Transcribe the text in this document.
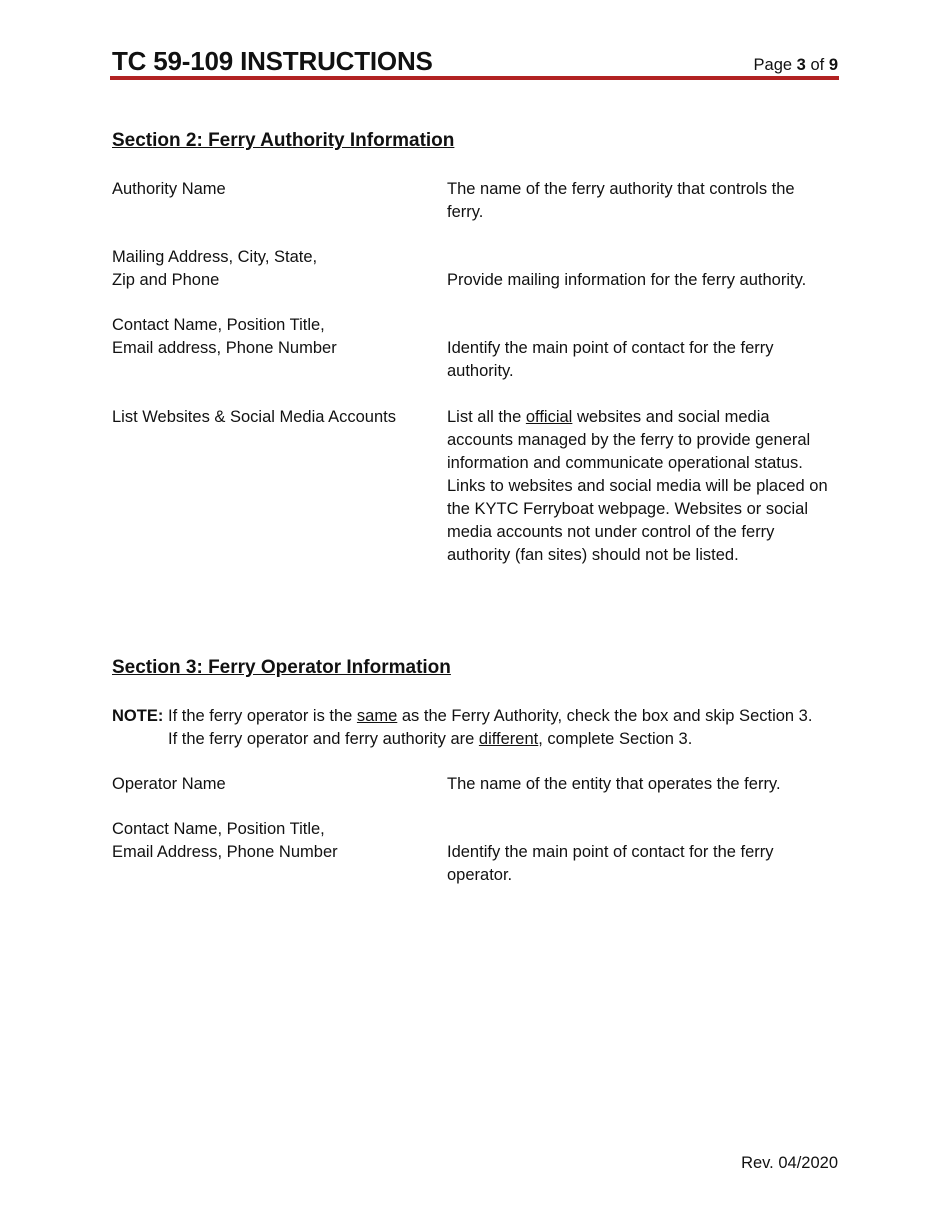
TC 59-109 INSTRUCTIONS	Page 3 of 9
Section 2: Ferry Authority Information
Authority Name	The name of the ferry authority that controls the
ferry.
Mailing Address, City, State,
Zip and Phone	Provide mailing information for the ferry authority.
Contact Name, Position Title,
Email address, Phone Number	Identify the main point of contact for the ferry
authority.
List Websites & Social Media Accounts	List all the official websites and social media
accounts managed by the ferry to provide general
information and communicate operational status.
Links to websites and social media will be placed on
the KYTC Ferryboat webpage. Websites or social
media accounts not under control of the ferry
authority (fan sites) should not be listed.
Section 3: Ferry Operator Information
NOTE: If the ferry operator is the same as the Ferry Authority, check the box and skip Section 3.
If the ferry operator and ferry authority are different, complete Section 3.
Operator Name	The name of the entity that operates the ferry.
Contact Name, Position Title,
Email Address, Phone Number	Identify the main point of contact for the ferry
operator.
Rev. 04/2020
